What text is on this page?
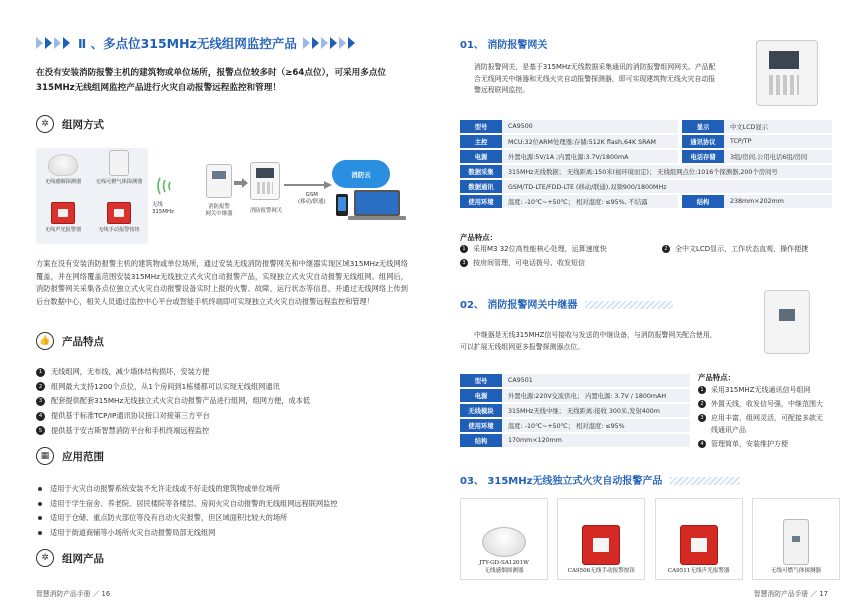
Ⅱ 、多点位315MHz无线组网监控产品
在没有安装消防报警主机的建筑物或单位场所，报警点位较多时（≥64点位），可采用多点位315MHz无线组网监控产品进行火灾自动报警远程监控和管理！
✲	组网方式
无线感烟探测器	无线可燃气体探测器
无线声光报警器	无线手动报警按钮
无线
315MHz
消防报警
网关中继器	消防报警网关
GSM
(移动/联通)
消防云
方案在没有安装消防报警主机的建筑物或单位场所，通过安装无线消防报警网关和中继器实现区域315MHz无线网络覆盖，并在网络覆盖范围安装315MHz无线独立式火灾自动报警产品，实现独立式火灾自动报警无线组网。组网后，消防报警网关采集各点位独立式火灾自动报警设备实时上报的火警、故障、运行状态等信息，并通过无线网络上传到后台数据中心，相关人员通过监控中心平台或智能手机终端即可实现独立式火灾自动报警远程监控和管理！
👍	产品特点
1	无线组网，无布线，减少墙体结构损坏，安装方便
2	组网最大支持1200个点位，从1个房间到1栋楼都可以实现无线组网通讯
3	配套提供配套315MHz无线独立式火灾自动报警产品进行组网，组网方便，成本低
4	提供基于标准TCP/IP通讯协议接口对接第三方平台
5	提供基于安吉斯智慧消防平台和手机终端远程监控
▦	应用范围
适用于火灾自动报警系统安装不允许走线或不好走线的建筑物或单位场所
适用于学生宿舍、养老院、居民楼院等各楼层、房间火灾自动报警的无线组网远程联网监控
适用于仓储、重点防火部位等没有自动火灾报警，但区域面积比较大的场所
适用于街道商铺等小场所火灾自动报警局部无线组网
✲	组网产品
智慧消防产品手册 ／ 16
01、 消防报警网关
消防报警网关，是基于315MHz无线数据采集通讯的消防报警组网网关。产品配
合无线网关中继器和无线火灾自动报警探测器，即可实现建筑物无线火灾自动报
警远程联网监控。
型号	CA9500		显示	中文LCD显示
主控	MCU:32位ARM处理器;存储:512K flash,64K SRAM		通讯协议	TCP/TP
电源	外置电源:5V/1A ;内置电源:3.7V/1800mA		电话存储	3组/房间,公用电话6组/房间
数据采集	315MHz无线数据； 无线距离:150米(视环境而定)； 无线组网点位:1016个探测器,200个房间号			
数据通讯	GSM/TD-LTE/FDD-LTE (移动/联通),双频900/1800MHz			
使用环境	温度: -10℃~+50℃； 相对湿度: ≤95%, 不结露		结构	238mm×202mm
产品特点：
1	采用M3 32位高性能核心处理，运算速度快	2	全中文LCD显示，工作状态直观、操作便捷
3	按房间管理，可电话拨号、收发短信
02、 消防报警网关中继器
中继器是无线315MHZ信号接收与发送的中继设备，与消防报警网关配合使用，
可以扩展无线组网更多报警探测器点位。
型号	CA9501
电源	外置电源:220V交流供电； 内置电源: 3.7V / 1800mAH
无线模块	315MHz无线中继； 无线距离:接收 300米,发射400m
使用环境	温度: -10℃~+50℃； 相对湿度: ≤95%
结构	170mm×120mm
产品特点：
1	采用315MHZ无线通讯信号组网
2	外置天线，收发信号强，中继范围大
3	应用丰富，组网灵活，可配接多款无
线通讯产品
4	管理简单，安装维护方便
03、 315MHz无线独立式火灾自动报警产品
JTY-GD-SA1201W
无线感烟探测器	CA9506无线手动报警按钮	CA9511无线声光报警器	无线可燃气体探测器
智慧消防产品手册 ／ 17
